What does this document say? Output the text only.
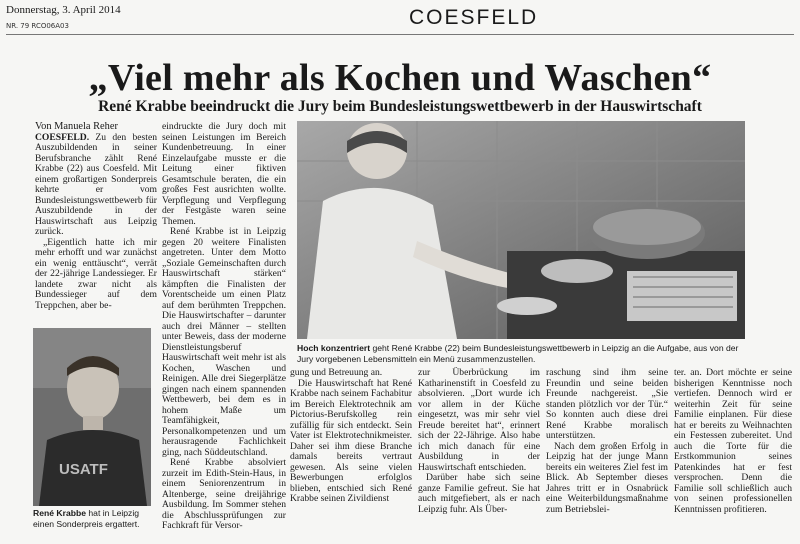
Donnerstag, 3. April 2014
NR. 79 RCO06A03	COESFELD
„Viel mehr als Kochen und Waschen“
René Krabbe beeindruckt die Jury beim Bundesleistungswettbewerb in der Hauswirtschaft

Von Manuela Reher

COESFELD. Zu den besten Auszubildenden in seiner Berufsbranche zählt René Krabbe (22) aus Coesfeld. Mit einem großartigen Sonderpreis kehrte er vom Bundesleistungswettbewerb für Auszubildende in der Hauswirtschaft aus Leipzig zurück.

„Eigentlich hatte ich mir mehr erhofft und war zunächst ein wenig enttäuscht“, verrät der 22-jährige Landessieger. Er landete zwar nicht als Bundessieger auf dem Treppchen, aber be-

USATF
René Krabbe hat in Leipzig einen Sonderpreis ergattert.

eindruckte die Jury doch mit seinen Leistungen im Bereich Kundenbetreuung. In einer Einzelaufgabe musste er die Leitung einer fiktiven Gesamtschule beraten, die ein großes Fest ausrichten wollte. Verpflegung und Verpflegung der Festgäste waren seine Themen.

René Krabbe ist in Leipzig gegen 20 weitere Finalisten angetreten. Unter dem Motto „Soziale Gemeinschaften durch Hauswirtschaft stärken“ kämpften die Finalisten der Vorentscheide um einen Platz auf dem berühmten Treppchen. Die Hauswirtschafter – darunter auch drei Männer – stellten unter Beweis, dass der moderne Dienstleistungsberuf Hauswirtschaft weit mehr ist als Kochen, Waschen und Reinigen. Alle drei Siegerplätze gingen nach einem spannenden Wettbewerb, bei dem es in hohem Maße um Teamfähigkeit, Personalkompetenzen und um herausragende Fachlichkeit ging, nach Süddeutschland.

René Krabbe absolviert zurzeit im Edith-Stein-Haus, in einem Seniorenzentrum in Altenberge, seine dreijährige Ausbildung. Im Sommer stehen die Abschlussprüfungen zur Fachkraft für Versor-

Hoch konzentriert geht René Krabbe (22) beim Bundesleistungswettbewerb in Leipzig an die Aufgabe, aus von der Jury vorgebenen Lebensmitteln ein Menü zusammenzustellen.

gung und Betreuung an.

Die Hauswirtschaft hat René Krabbe nach seinem Fachabitur im Bereich Elektrotechnik am Pictorius-Berufskolleg rein zufällig für sich entdeckt. Sein Vater ist Elektrotechnikmeister. Daher sei ihm diese Branche damals bereits vertraut gewesen. Als seine vielen Bewerbungen erfolglos blieben, entschied sich René Krabbe seinen Zivildienst

zur Überbrückung im Katharinenstift in Coesfeld zu absolvieren. „Dort wurde ich vor allem in der Küche eingesetzt, was mir sehr viel Freude bereitet hat“, erinnert sich der 22-Jährige. Also habe ich mich danach für eine Ausbildung in der Hauswirtschaft entschieden.

Darüber habe sich seine ganze Familie gefreut. Sie hat auch mitgefiebert, als er nach Leipzig fuhr. Als Über-

raschung sind ihm seine Freundin und seine beiden Freunde nachgereist. „Sie standen plötzlich vor der Tür.“ So konnten auch diese drei René Krabbe moralisch unterstützen.

Nach dem großen Erfolg in Leipzig hat der junge Mann bereits ein weiteres Ziel fest im Blick. Ab September dieses Jahres tritt er in Osnabrück eine Weiterbildungsmaßnahme zum Betriebslei-

ter. an. Dort möchte er seine bisherigen Kenntnisse noch vertiefen. Dennoch wird er weiterhin Zeit für seine Familie einplanen. Für diese hat er bereits zu Weihnachten ein Festessen zubereitet. Und auch die Torte für die Erstkommunion seines Patenkindes hat er fest versprochen. Denn die Familie soll schließlich auch von seinen professionellen Kenntnissen profitieren.
